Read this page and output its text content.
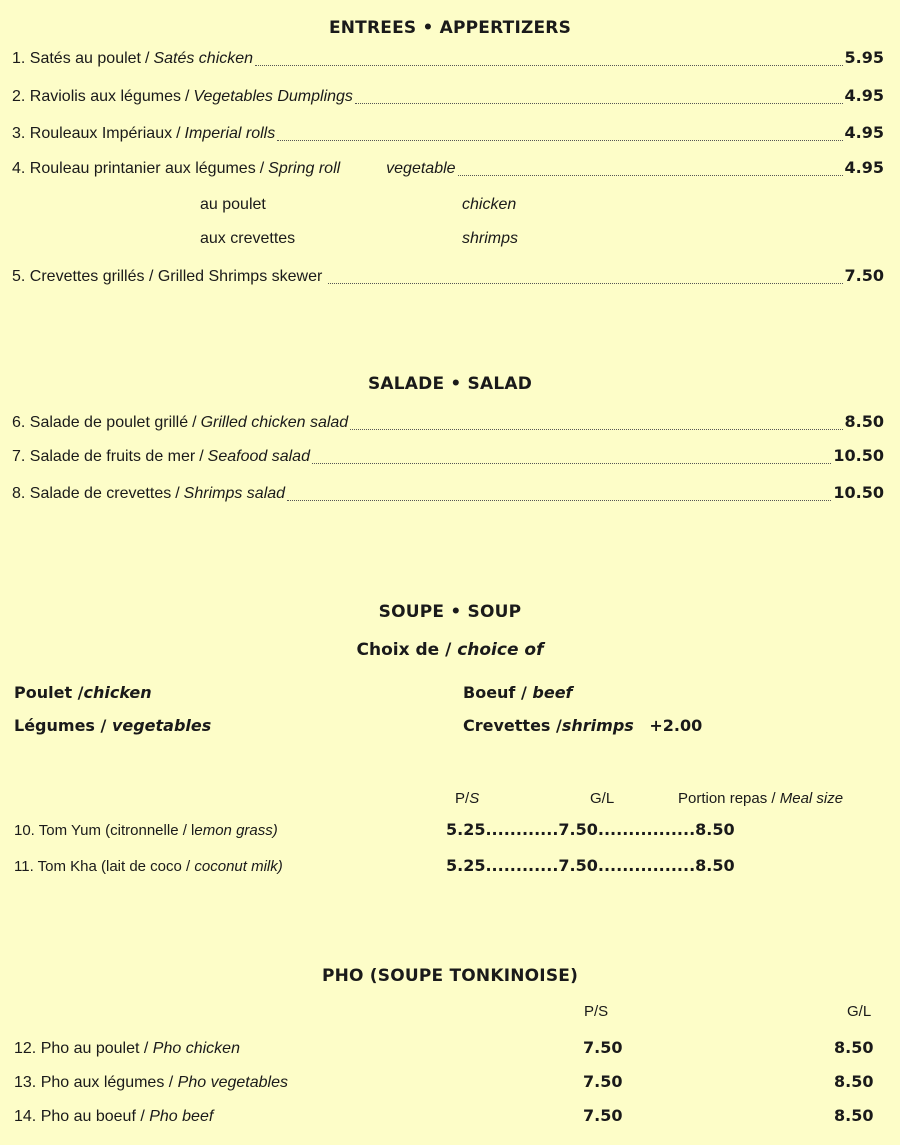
ENTREES • APPERTIZERS
1. Satés au poulet / Satés chicken	5.95
2. Raviolis aux légumes / Vegetables Dumplings	4.95
3. Rouleaux Impériaux / Imperial rolls	4.95
4. Rouleau printanier aux légumes / Spring roll	vegetable	4.95
au poulet	chicken
aux crevettes	shrimps
5. Crevettes grillés / Grilled Shrimps skewer	7.50
SALADE • SALAD
6. Salade de poulet grillé / Grilled chicken salad	8.50
7. Salade de fruits de mer / Seafood salad	10.50
8. Salade de crevettes / Shrimps salad	10.50
SOUPE • SOUP
Choix de / choice of
Poulet /chicken	Boeuf / beef
Légumes / vegetables	Crevettes /shrimps +2.00
P/S	G/L	Portion repas / Meal size
10. Tom Yum (citronnelle / lemon grass)	5.25............7.50................8.50
11. Tom Kha (lait de coco / coconut milk)	5.25............7.50................8.50
PHO (SOUPE TONKINOISE)
P/S	G/L
12. Pho au poulet / Pho chicken	7.50	8.50
13. Pho aux légumes / Pho vegetables	7.50	8.50
14. Pho au boeuf / Pho beef	7.50	8.50
